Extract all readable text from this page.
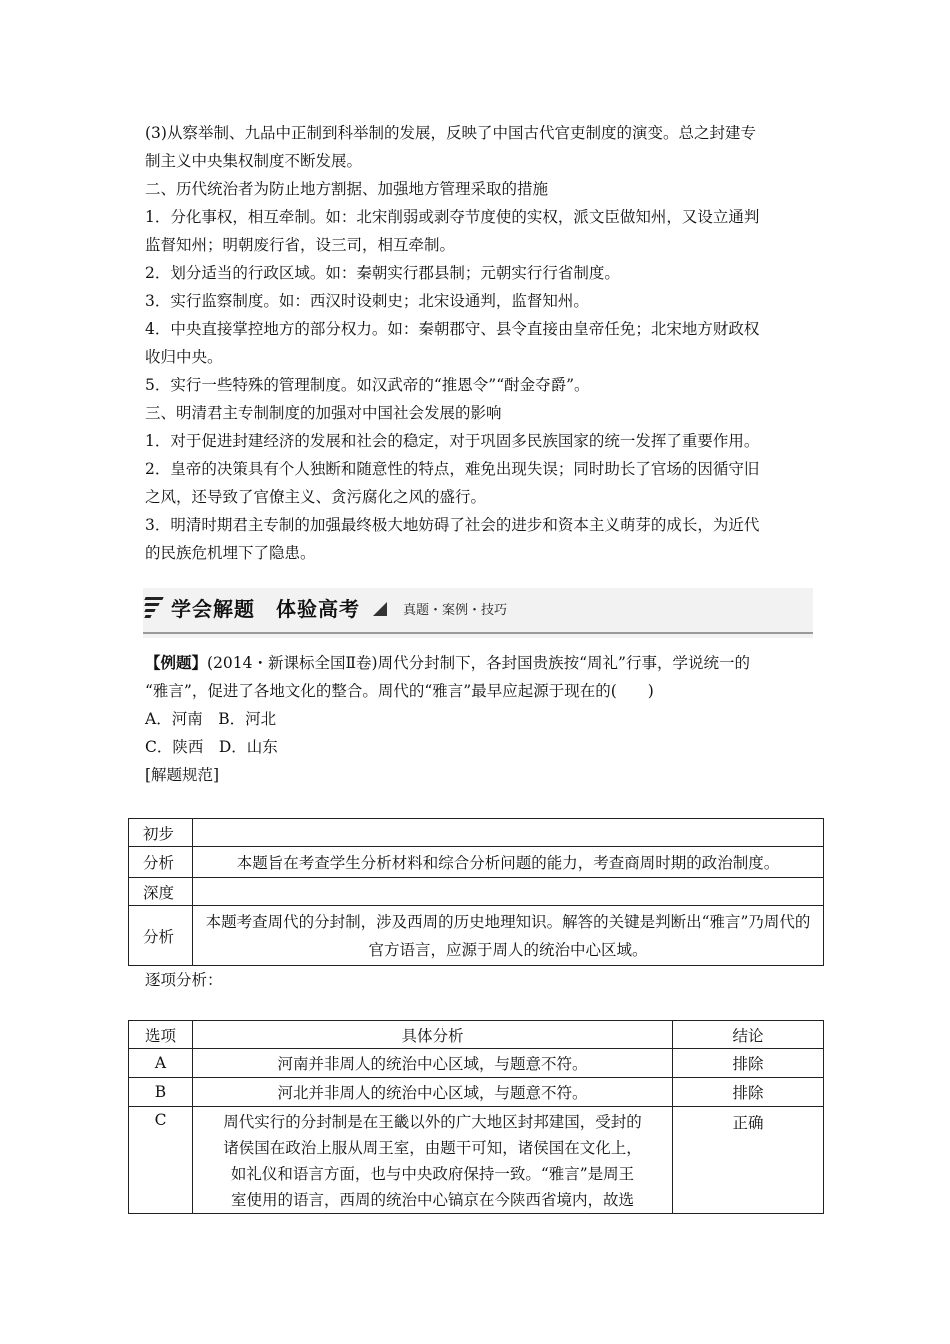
(3)从察举制、九品中正制到科举制的发展，反映了中国古代官吏制度的演变。总之封建专
制主义中央集权制度不断发展。
二、历代统治者为防止地方割据、加强地方管理采取的措施
1．分化事权，相互牵制。如：北宋削弱或剥夺节度使的实权，派文臣做知州，又设立通判
监督知州；明朝废行省，设三司，相互牵制。
2．划分适当的行政区域。如：秦朝实行郡县制；元朝实行行省制度。
3．实行监察制度。如：西汉时设刺史；北宋设通判，监督知州。
4．中央直接掌控地方的部分权力。如：秦朝郡守、县令直接由皇帝任免；北宋地方财政权
收归中央。
5．实行一些特殊的管理制度。如汉武帝的“推恩令”“酎金夺爵”。
三、明清君主专制制度的加强对中国社会发展的影响
1．对于促进封建经济的发展和社会的稳定，对于巩固多民族国家的统一发挥了重要作用。
2．皇帝的决策具有个人独断和随意性的特点，难免出现失误；同时助长了官场的因循守旧
之风，还导致了官僚主义、贪污腐化之风的盛行。
3．明清时期君主专制的加强最终极大地妨碍了社会的进步和资本主义萌芽的成长，为近代
的民族危机埋下了隐患。
学会解题　体验高考	真题・案例・技巧
【例题】(2014・新课标全国Ⅱ卷)周代分封制下，各封国贵族按“周礼”行事，学说统一的
“雅言”，促进了各地文化的整合。周代的“雅言”最早应起源于现在的(　　)
A．河南　B．河北
C．陕西　D．山东
[解题规范]
初步	
分析	本题旨在考查学生分析材料和综合分析问题的能力，考查商周时期的政治制度。
深度	
分析	本题考查周代的分封制，涉及西周的历史地理知识。解答的关键是判断出“雅言”乃周代的官方语言，应源于周人的统治中心区域。
逐项分析：
选项	具体分析	结论
A	河南并非周人的统治中心区域，与题意不符。	排除
B	河北并非周人的统治中心区域，与题意不符。	排除
C	周代实行的分封制是在王畿以外的广大地区封邦建国，受封的
诸侯国在政治上服从周王室，由题干可知，诸侯国在文化上，
如礼仪和语言方面，也与中央政府保持一致。“雅言”是周王
室使用的语言，西周的统治中心镐京在今陕西省境内，故选	正确
